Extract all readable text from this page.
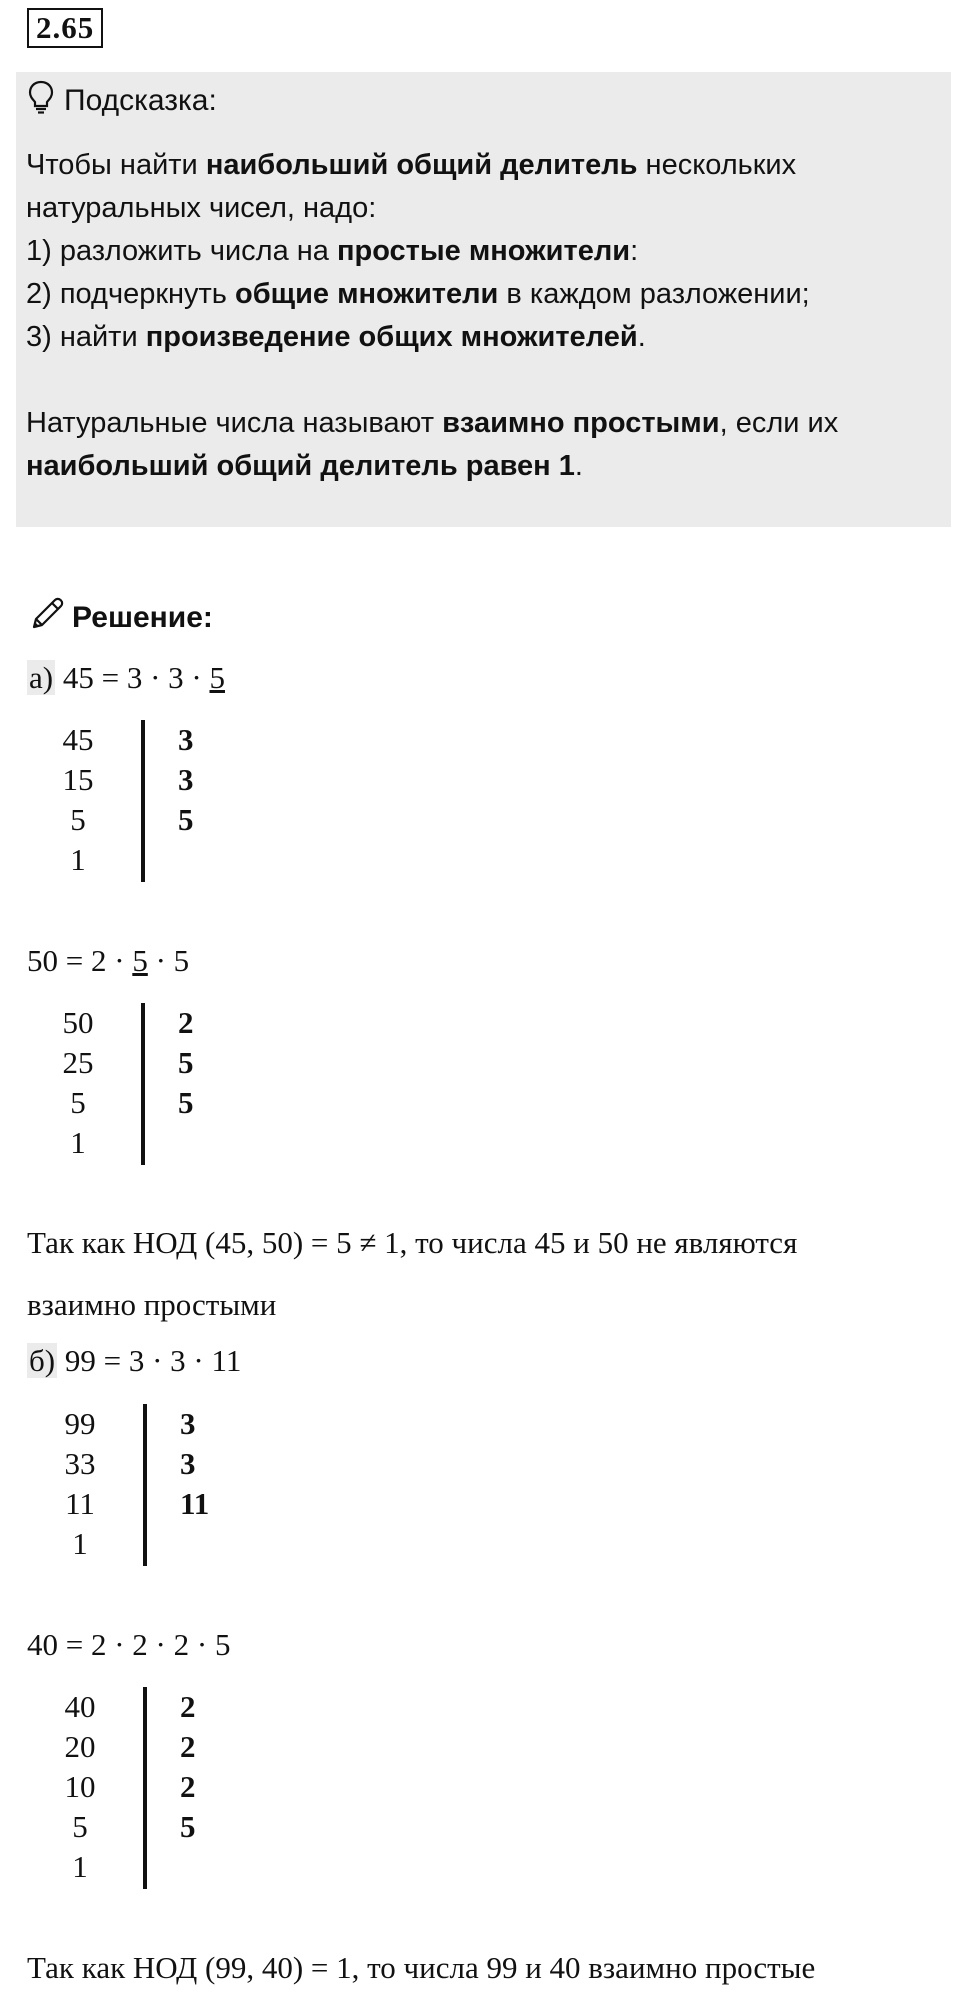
2.65
Подсказка:

Чтобы найти наибольший общий делитель нескольких

натуральных чисел, надо:

1) разложить числа на простые множители:

2) подчеркнуть общие множители в каждом разложении;

3) найти произведение общих множителей.

Натуральные числа называют взаимно простыми, если их

наибольший общий делитель равен 1.

Решение:
а) 45 = 3 · 3 · 5
45	3
15	3
5	5
1
50 = 2 · 5 · 5
50	2
25	5
5	5
1
Так как НОД (45, 50) = 5 ≠ 1, то числа 45 и 50 не являются
взаимно простыми
б) 99 = 3 · 3 · 11
99	3
33	3
11	11
1
40 = 2 · 2 · 2 · 5
40	2
20	2
10	2
5	5
1
Так как НОД (99, 40) = 1, то числа 99 и 40 взаимно простые
